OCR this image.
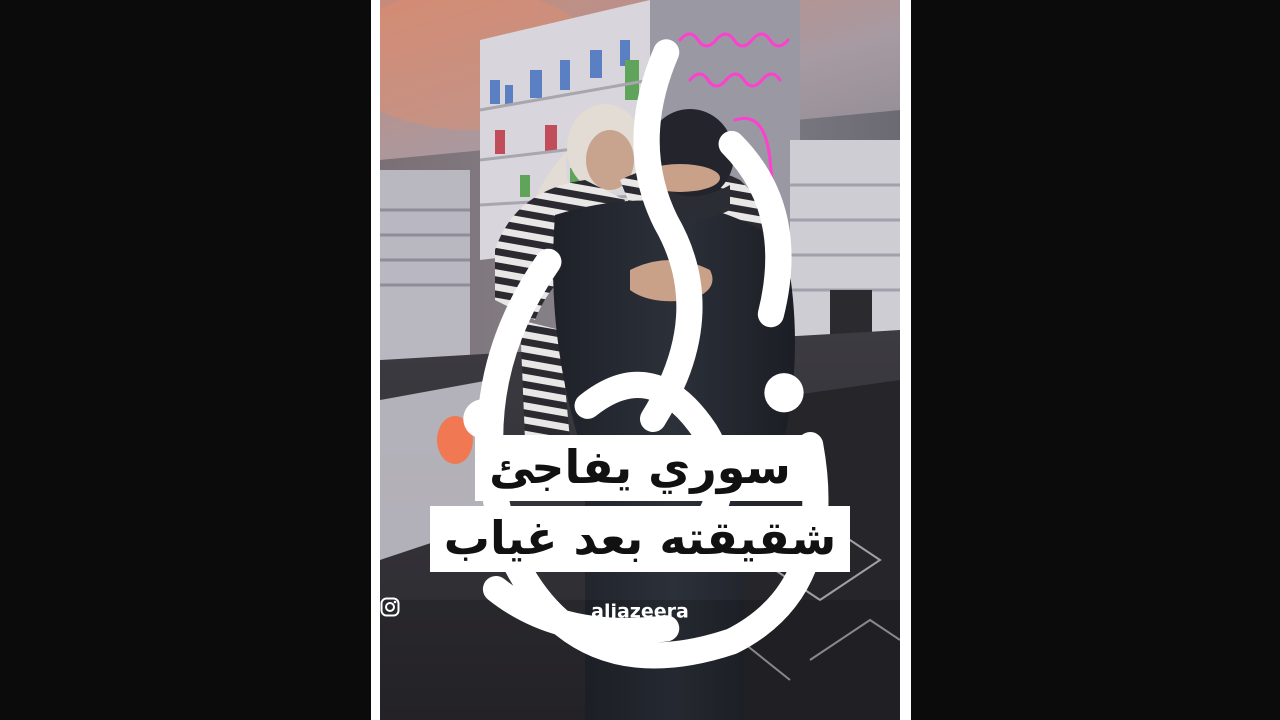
سوري يفاجئ
شقيقته بعد غياب
aljazeera
